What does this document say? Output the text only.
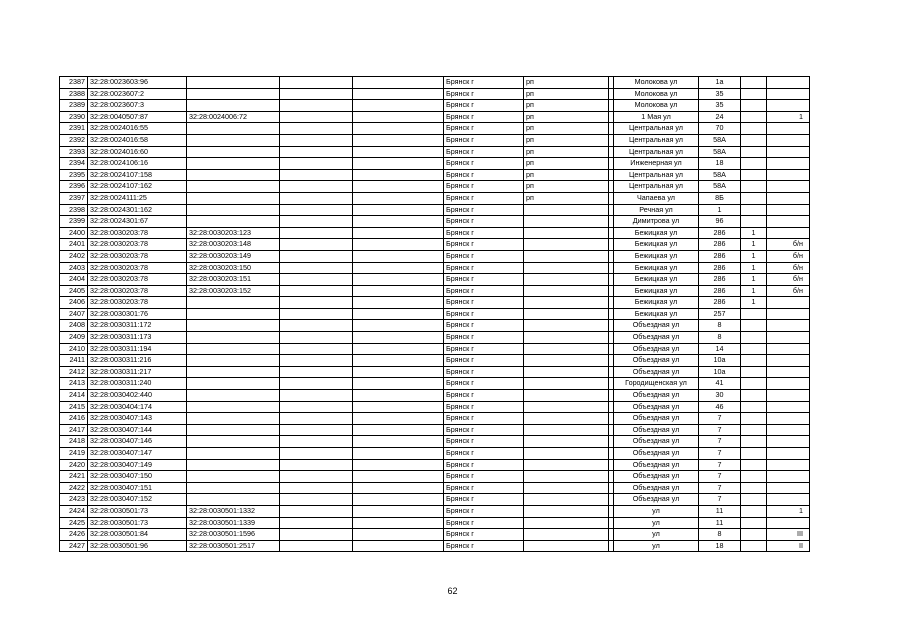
2387	32:28:0023603:96				Брянск г	рп		Молокова ул	1а		
2388	32:28:0023607:2				Брянск г	рп		Молокова ул	35		
2389	32:28:0023607:3				Брянск г	рп		Молокова ул	35		
2390	32:28:0040507:87	32:28:0024006:72			Брянск г	рп		1 Мая ул	24		1
2391	32:28:0024016:55				Брянск г	рп		Центральная ул	70		
2392	32:28:0024016:58				Брянск г	рп		Центральная ул	58А		
2393	32:28:0024016:60				Брянск г	рп		Центральная ул	58А		
2394	32:28:0024106:16				Брянск г	рп		Инженерная ул	18		
2395	32:28:0024107:158				Брянск г	рп		Центральная ул	58А		
2396	32:28:0024107:162				Брянск г	рп		Центральная ул	58А		
2397	32:28:0024111:25				Брянск г	рп		Чапаева ул	8Б		
2398	32:28:0024301:162				Брянск г			Речная ул	1		
2399	32:28:0024301:67				Брянск г			Димитрова ул	96		
2400	32:28:0030203:78	32:28:0030203:123			Брянск г			Бежицкая ул	286	1	
2401	32:28:0030203:78	32:28:0030203:148			Брянск г			Бежицкая ул	286	1	б/н
2402	32:28:0030203:78	32:28:0030203:149			Брянск г			Бежицкая ул	286	1	б/н
2403	32:28:0030203:78	32:28:0030203:150			Брянск г			Бежицкая ул	286	1	б/н
2404	32:28:0030203:78	32:28:0030203:151			Брянск г			Бежицкая ул	286	1	б/н
2405	32:28:0030203:78	32:28:0030203:152			Брянск г			Бежицкая ул	286	1	б/н
2406	32:28:0030203:78				Брянск г			Бежицкая ул	286	1	
2407	32:28:0030301:76				Брянск г			Бежицкая ул	257		
2408	32:28:0030311:172				Брянск г			Объездная ул	8		
2409	32:28:0030311:173				Брянск г			Объездная ул	8		
2410	32:28:0030311:194				Брянск г			Объездная ул	14		
2411	32:28:0030311:216				Брянск г			Объездная ул	10а		
2412	32:28:0030311:217				Брянск г			Объездная ул	10а		
2413	32:28:0030311:240				Брянск г			Городищенская ул	41		
2414	32:28:0030402:440				Брянск г			Объездная ул	30		
2415	32:28:0030404:174				Брянск г			Объездная ул	46		
2416	32:28:0030407:143				Брянск г			Объездная ул	7		
2417	32:28:0030407:144				Брянск г			Объездная ул	7		
2418	32:28:0030407:146				Брянск г			Объездная ул	7		
2419	32:28:0030407:147				Брянск г			Объездная ул	7		
2420	32:28:0030407:149				Брянск г			Объездная ул	7		
2421	32:28:0030407:150				Брянск г			Объездная ул	7		
2422	32:28:0030407:151				Брянск г			Объездная ул	7		
2423	32:28:0030407:152				Брянск г			Объездная ул	7		
2424	32:28:0030501:73	32:28:0030501:1332			Брянск г			ул	11		1
2425	32:28:0030501:73	32:28:0030501:1339			Брянск г			ул	11		
2426	32:28:0030501:84	32:28:0030501:1596			Брянск г			ул	8		III
2427	32:28:0030501:96	32:28:0030501:2517			Брянск г			ул	18		II
62
